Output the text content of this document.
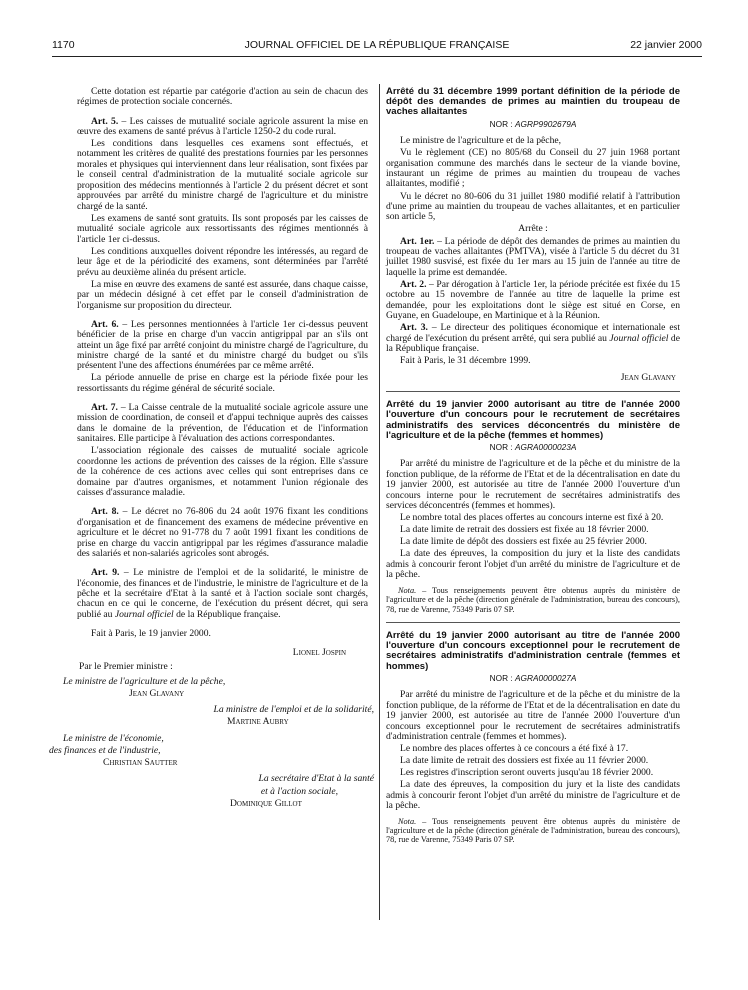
1170	JOURNAL OFFICIEL DE LA RÉPUBLIQUE FRANÇAISE	22 janvier 2000

Cette dotation est répartie par catégorie d'action au sein de chacun des régimes de protection sociale concernés.

Art. 5. – Les caisses de mutualité sociale agricole assurent la mise en œuvre des examens de santé prévus à l'article 1250-2 du code rural.

Les conditions dans lesquelles ces examens sont effectués, et notamment les critères de qualité des prestations fournies par les personnes morales et physiques qui interviennent dans leur réalisation, sont fixées par le conseil central d'administration de la mutualité sociale agricole sur proposition des médecins mentionnés à l'article 2 du présent décret et sont approuvées par arrêté du ministre chargé de l'agriculture et du ministre chargé de la santé.

Les examens de santé sont gratuits. Ils sont proposés par les caisses de mutualité sociale agricole aux ressortissants des régimes mentionnés à l'article 1er ci-dessus.

Les conditions auxquelles doivent répondre les intéressés, au regard de leur âge et de la périodicité des examens, sont déterminées par l'arrêté prévu au deuxième alinéa du présent article.

La mise en œuvre des examens de santé est assurée, dans chaque caisse, par un médecin désigné à cet effet par le conseil d'administration de l'organisme sur proposition du directeur.

Art. 6. – Les personnes mentionnées à l'article 1er ci-dessus peuvent bénéficier de la prise en charge d'un vaccin antigrippal par an s'ils ont atteint un âge fixé par arrêté conjoint du ministre chargé de l'agriculture, du ministre chargé de la santé et du ministre chargé du budget ou s'ils présentent l'une des affections énumérées par ce même arrêté.

La période annuelle de prise en charge est la période fixée pour les ressortissants du régime général de sécurité sociale.

Art. 7. – La Caisse centrale de la mutualité sociale agricole assure une mission de coordination, de conseil et d'appui technique auprès des caisses dans le domaine de la prévention, de l'éducation et de l'information sanitaires. Elle participe à l'évaluation des actions correspondantes.

L'association régionale des caisses de mutualité sociale agricole coordonne les actions de prévention des caisses de la région. Elle s'assure de la cohérence de ces actions avec celles qui sont entreprises dans ce domaine par d'autres organismes, et notamment l'union régionale des caisses d'assurance maladie.

Art. 8. – Le décret no 76-806 du 24 août 1976 fixant les conditions d'organisation et de financement des examens de médecine préventive en agriculture et le décret no 91-778 du 7 août 1991 fixant les conditions de prise en charge du vaccin antigrippal par les régimes d'assurance maladie des salariés et non-salariés agricoles sont abrogés.

Art. 9. – Le ministre de l'emploi et de la solidarité, le ministre de l'économie, des finances et de l'industrie, le ministre de l'agriculture et de la pêche et la secrétaire d'Etat à la santé et à l'action sociale sont chargés, chacun en ce qui le concerne, de l'exécution du présent décret, qui sera publié au Journal officiel de la République française.

Fait à Paris, le 19 janvier 2000.

Lionel Jospin

Par le Premier ministre :

Le ministre de l'agriculture et de la pêche,

Jean Glavany

La ministre de l'emploi et de la solidarité,

Martine Aubry

Le ministre de l'économie,

des finances et de l'industrie,

Christian Sautter

La secrétaire d'Etat à la santé

et à l'action sociale,

Dominique Gillot

Arrêté du 31 décembre 1999 portant définition de la période de dépôt des demandes de primes au maintien du troupeau de vaches allaitantes

NOR : AGRP9902679A

Le ministre de l'agriculture et de la pêche,

Vu le règlement (CE) no 805/68 du Conseil du 27 juin 1968 portant organisation commune des marchés dans le secteur de la viande bovine, instaurant un régime de primes au maintien du troupeau de vaches allaitantes, modifié ;

Vu le décret no 80-606 du 31 juillet 1980 modifié relatif à l'attribution d'une prime au maintien du troupeau de vaches allaitantes, et en particulier son article 5,

Arrête :

Art. 1er. – La période de dépôt des demandes de primes au maintien du troupeau de vaches allaitantes (PMTVA), visée à l'article 5 du décret du 31 juillet 1980 susvisé, est fixée du 1er mars au 15 juin de l'année au titre de laquelle la prime est demandée.

Art. 2. – Par dérogation à l'article 1er, la période précitée est fixée du 15 octobre au 15 novembre de l'année au titre de laquelle la prime est demandée, pour les exploitations dont le siège est situé en Corse, en Guyane, en Guadeloupe, en Martinique et à la Réunion.

Art. 3. – Le directeur des politiques économique et internationale est chargé de l'exécution du présent arrêté, qui sera publié au Journal officiel de la République française.

Fait à Paris, le 31 décembre 1999.

Jean Glavany

Arrêté du 19 janvier 2000 autorisant au titre de l'année 2000 l'ouverture d'un concours pour le recrutement de secrétaires administratifs des services déconcentrés du ministère de l'agriculture et de la pêche (femmes et hommes)

NOR : AGRA0000023A

Par arrêté du ministre de l'agriculture et de la pêche et du ministre de la fonction publique, de la réforme de l'Etat et de la décentralisation en date du 19 janvier 2000, est autorisée au titre de l'année 2000 l'ouverture d'un concours interne pour le recrutement de secrétaires administratifs des services déconcentrés (femmes et hommes).

Le nombre total des places offertes au concours interne est fixé à 20.

La date limite de retrait des dossiers est fixée au 18 février 2000.

La date limite de dépôt des dossiers est fixée au 25 février 2000.

La date des épreuves, la composition du jury et la liste des candidats admis à concourir feront l'objet d'un arrêté du ministre de l'agriculture et de la pêche.

Nota. – Tous renseignements peuvent être obtenus auprès du ministère de l'agriculture et de la pêche (direction générale de l'administration, bureau des concours), 78, rue de Varenne, 75349 Paris 07 SP.

Arrêté du 19 janvier 2000 autorisant au titre de l'année 2000 l'ouverture d'un concours exceptionnel pour le recrutement de secrétaires administratifs d'administration centrale (femmes et hommes)

NOR : AGRA0000027A

Par arrêté du ministre de l'agriculture et de la pêche et du ministre de la fonction publique, de la réforme de l'Etat et de la décentralisation en date du 19 janvier 2000, est autorisée au titre de l'année 2000 l'ouverture d'un concours exceptionnel pour le recrutement de secrétaires administratifs d'administration centrale (femmes et hommes).

Le nombre des places offertes à ce concours a été fixé à 17.

La date limite de retrait des dossiers est fixée au 11 février 2000.

Les registres d'inscription seront ouverts jusqu'au 18 février 2000.

La date des épreuves, la composition du jury et la liste des candidats admis à concourir feront l'objet d'un arrêté du ministre de l'agriculture et de la pêche.

Nota. – Tous renseignements peuvent être obtenus auprès du ministère de l'agriculture et de la pêche (direction générale de l'administration, bureau des concours), 78, rue de Varenne, 75349 Paris 07 SP.
